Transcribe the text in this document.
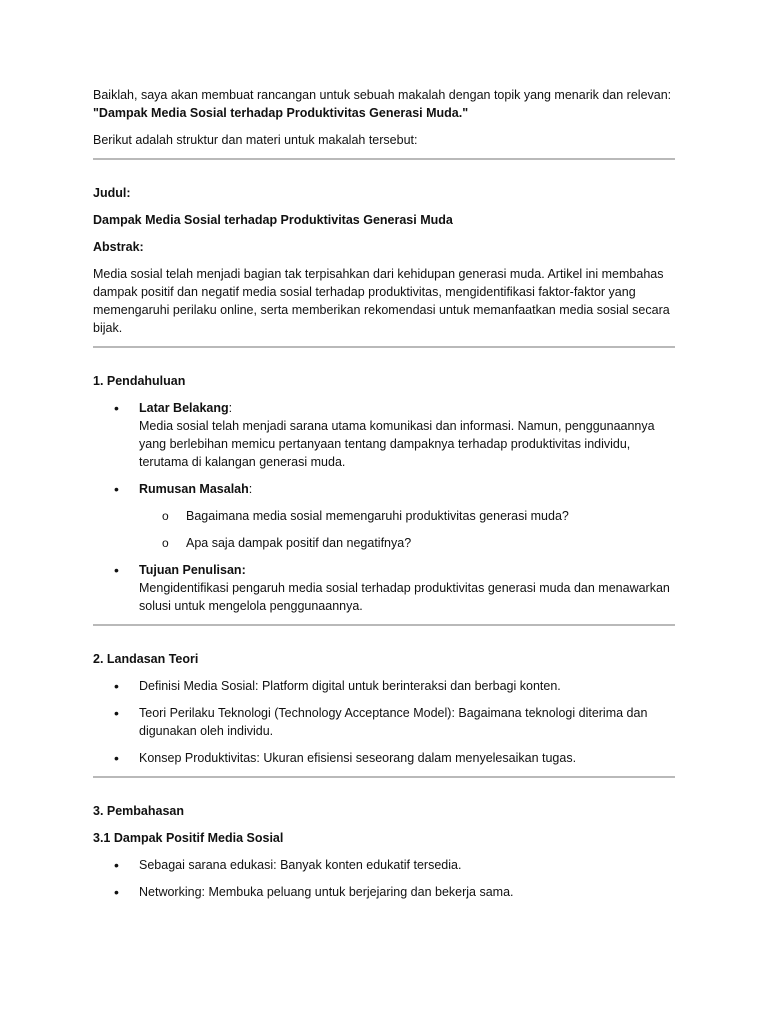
Baiklah, saya akan membuat rancangan untuk sebuah makalah dengan topik yang menarik dan relevan: "Dampak Media Sosial terhadap Produktivitas Generasi Muda."

Berikut adalah struktur dan materi untuk makalah tersebut:

Judul:

Dampak Media Sosial terhadap Produktivitas Generasi Muda

Abstrak:

Media sosial telah menjadi bagian tak terpisahkan dari kehidupan generasi muda. Artikel ini membahas dampak positif dan negatif media sosial terhadap produktivitas, mengidentifikasi faktor-faktor yang memengaruhi perilaku online, serta memberikan rekomendasi untuk memanfaatkan media sosial secara bijak.

1. Pendahuluan

• Latar Belakang:
Media sosial telah menjadi sarana utama komunikasi dan informasi. Namun, penggunaannya yang berlebihan memicu pertanyaan tentang dampaknya terhadap produktivitas individu, terutama di kalangan generasi muda.
• Rumusan Masalah:
o Bagaimana media sosial memengaruhi produktivitas generasi muda?
o Apa saja dampak positif dan negatifnya?
• Tujuan Penulisan:
Mengidentifikasi pengaruh media sosial terhadap produktivitas generasi muda dan menawarkan solusi untuk mengelola penggunaannya.

2. Landasan Teori

• Definisi Media Sosial: Platform digital untuk berinteraksi dan berbagi konten.
• Teori Perilaku Teknologi (Technology Acceptance Model): Bagaimana teknologi diterima dan digunakan oleh individu.
• Konsep Produktivitas: Ukuran efisiensi seseorang dalam menyelesaikan tugas.

3. Pembahasan

3.1 Dampak Positif Media Sosial

• Sebagai sarana edukasi: Banyak konten edukatif tersedia.
• Networking: Membuka peluang untuk berjejaring dan bekerja sama.
